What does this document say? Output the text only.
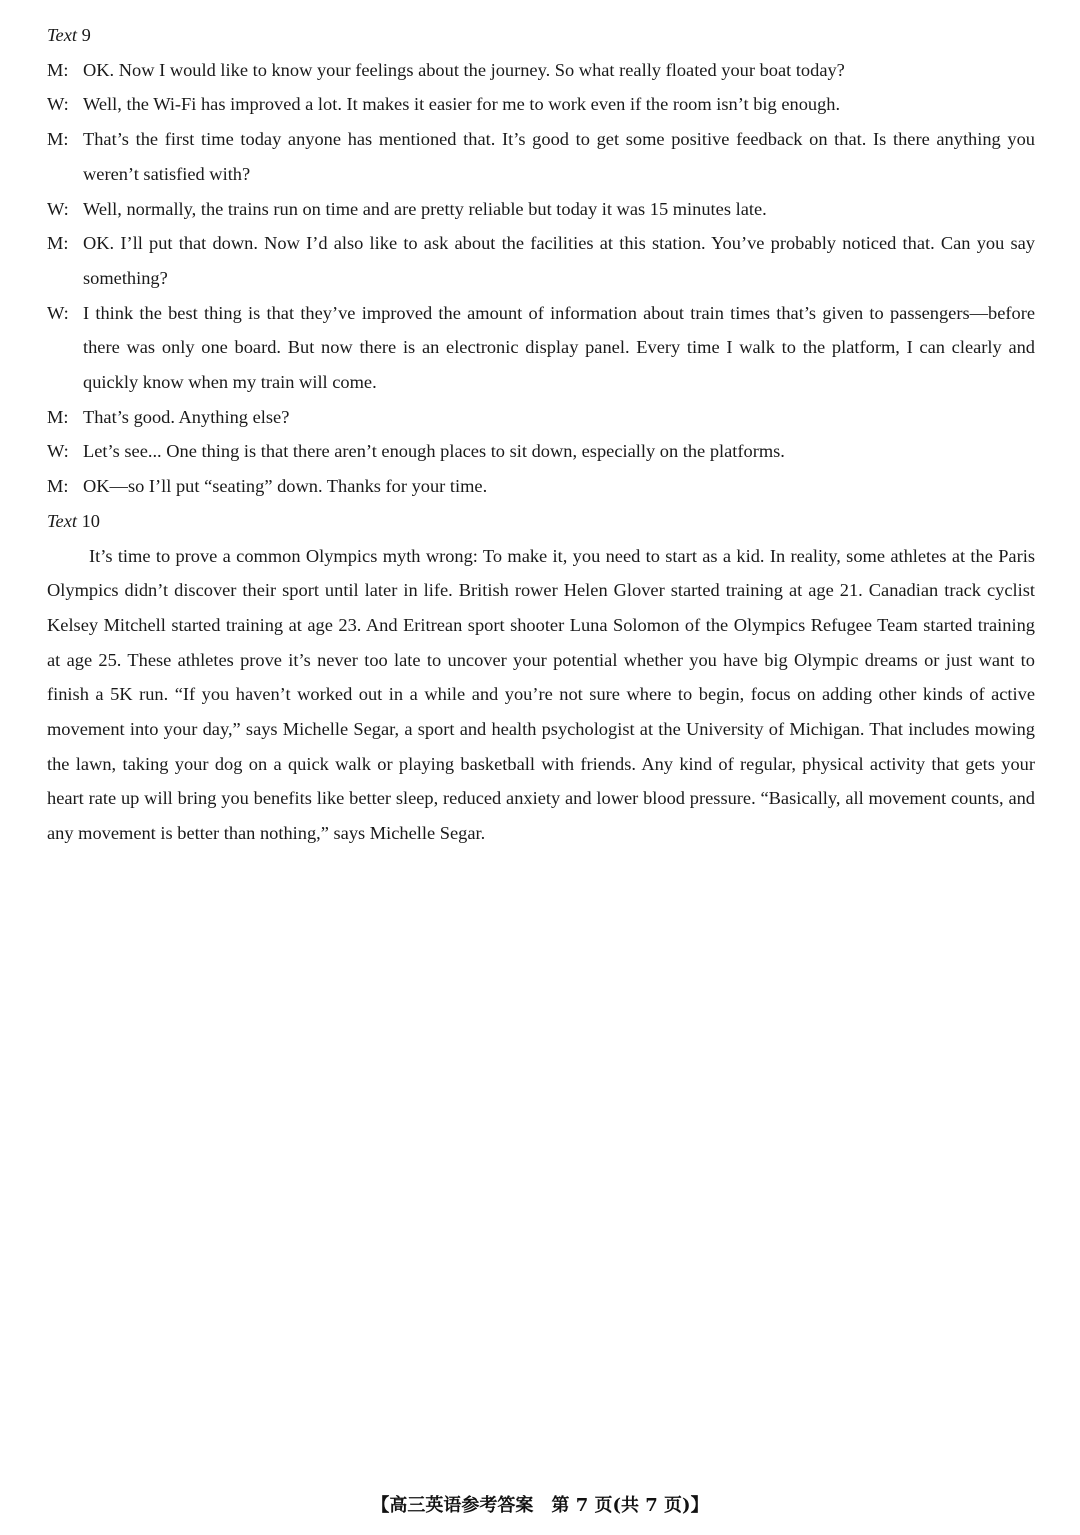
Text 9

M: OK. Now I would like to know your feelings about the journey. So what really floated your boat today?

W: Well, the Wi-Fi has improved a lot. It makes it easier for me to work even if the room isn’t big enough.

M: That’s the first time today anyone has mentioned that. It’s good to get some positive feedback on that. Is there anything you weren’t satisfied with?

W: Well, normally, the trains run on time and are pretty reliable but today it was 15 minutes late.

M: OK. I’ll put that down. Now I’d also like to ask about the facilities at this station. You’ve probably noticed that. Can you say something?

W: I think the best thing is that they’ve improved the amount of information about train times that’s given to passengers—before there was only one board. But now there is an electronic display panel. Every time I walk to the platform, I can clearly and quickly know when my train will come.

M: That’s good. Anything else?

W: Let’s see... One thing is that there aren’t enough places to sit down, especially on the platforms.

M: OK—so I’ll put “seating” down. Thanks for your time.

Text 10

It’s time to prove a common Olympics myth wrong: To make it, you need to start as a kid. In reality, some athletes at the Paris Olympics didn’t discover their sport until later in life. British rower Helen Glover started training at age 21. Canadian track cyclist Kelsey Mitchell started training at age 23. And Eritrean sport shooter Luna Solomon of the Olympics Refugee Team started training at age 25. These athletes prove it’s never too late to uncover your potential whether you have big Olympic dreams or just want to finish a 5K run. “If you haven’t worked out in a while and you’re not sure where to begin, focus on adding other kinds of active movement into your day,” says Michelle Segar, a sport and health psychologist at the University of Michigan. That includes mowing the lawn, taking your dog on a quick walk or playing basketball with friends. Any kind of regular, physical activity that gets your heart rate up will bring you benefits like better sleep, reduced anxiety and lower blood pressure. “Basically, all movement counts, and any movement is better than nothing,” says Michelle Segar.

【高三英语参考答案 第 7 页(共 7 页)】
